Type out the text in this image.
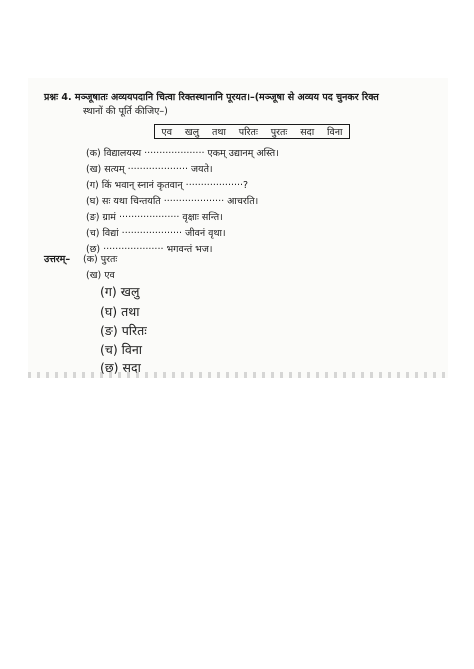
प्रश्नः 4. मञ्जूषातः अव्ययपदानि चित्वा रिक्तस्थानानि पूरयत।–(मञ्जूषा से अव्यय पद चुनकर रिक्त
स्थानों की पूर्ति कीजिए–)
एव खलु तथा परितः पुरतः सदा विना
(क) विद्यालयस्य ···················· एकम् उद्यानम् अस्ति।
(ख) सत्यम् ···················· जयते।
(ग) किं भवान् स्नानं कृतवान् ···················?
(घ) सः यथा चिन्तयति ···················· आचरति।
(ङ) ग्रामं ···················· वृक्षाः सन्ति।
(च) विद्यां ···················· जीवनं वृथा।
(छ) ···················· भगवन्तं भज।
उत्तरम्– (क) पुरतः
(ख) एव
(ग) खलु
(घ) तथा
(ङ) परितः
(च) विना
(छ) सदा
